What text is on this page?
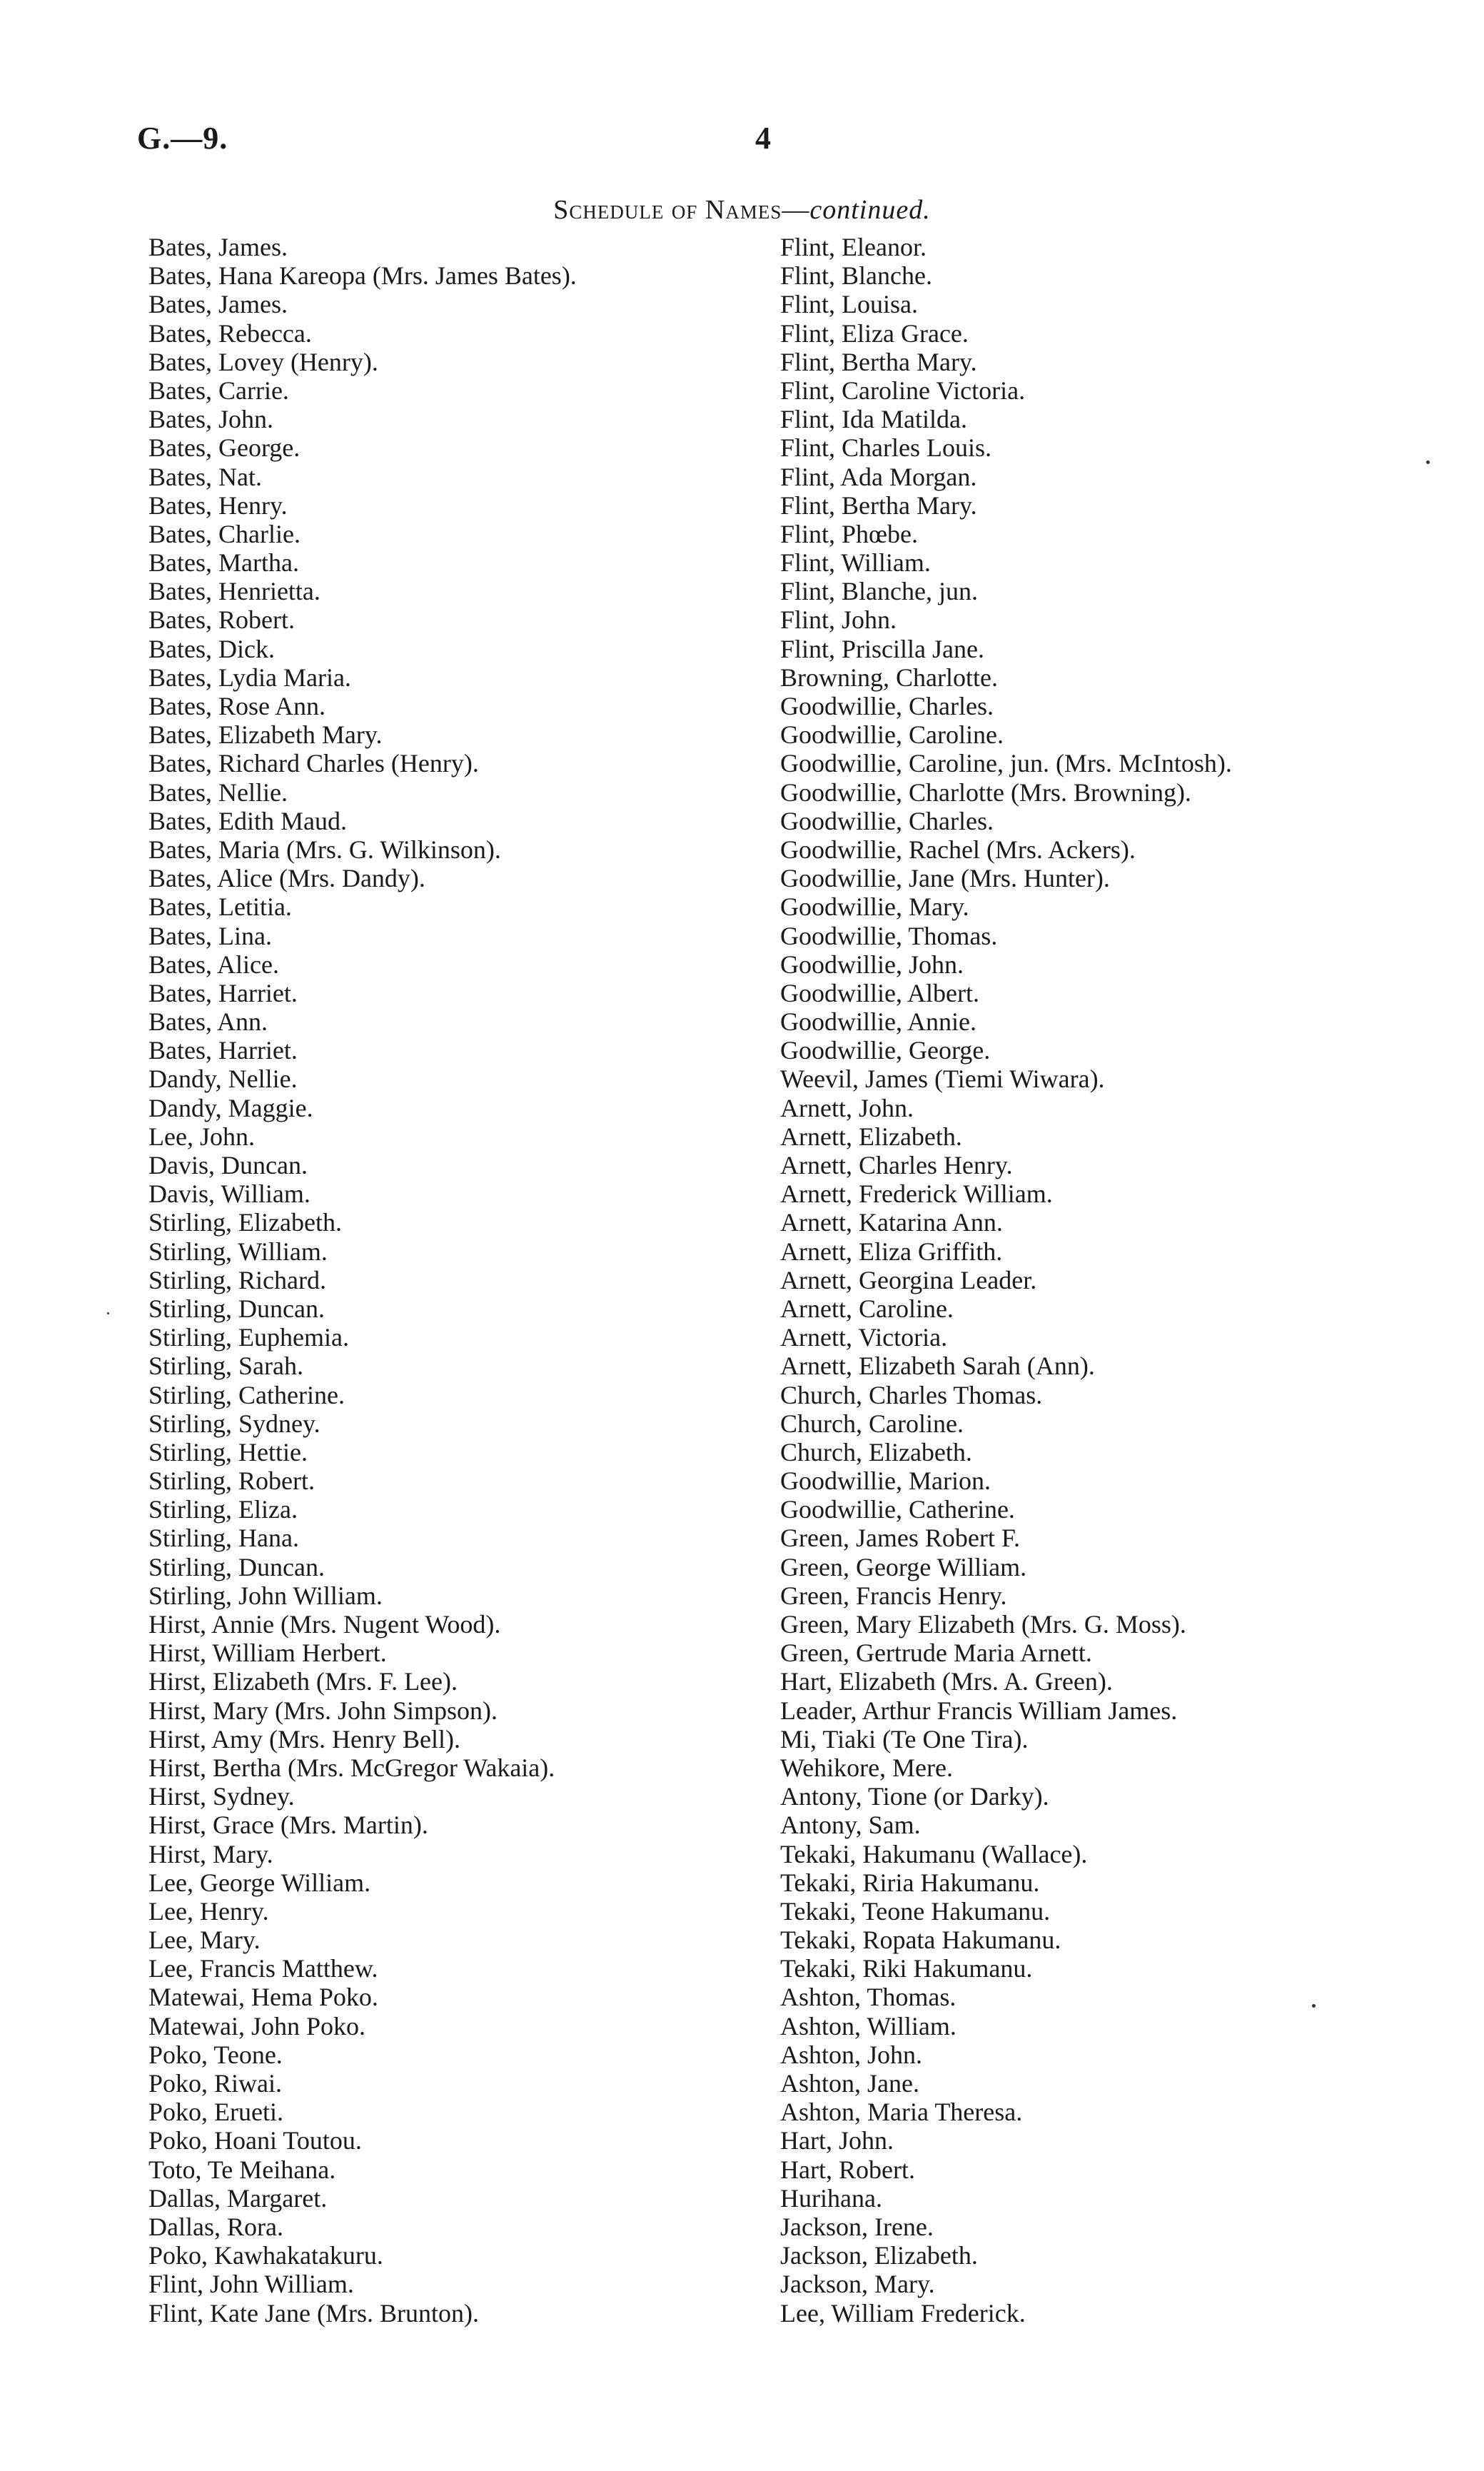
G.—9.	4
Schedule of Names—continued.
Bates, James.
Bates, Hana Kareopa (Mrs. James Bates).
Bates, James.
Bates, Rebecca.
Bates, Lovey (Henry).
Bates, Carrie.
Bates, John.
Bates, George.
Bates, Nat.
Bates, Henry.
Bates, Charlie.
Bates, Martha.
Bates, Henrietta.
Bates, Robert.
Bates, Dick.
Bates, Lydia Maria.
Bates, Rose Ann.
Bates, Elizabeth Mary.
Bates, Richard Charles (Henry).
Bates, Nellie.
Bates, Edith Maud.
Bates, Maria (Mrs. G. Wilkinson).
Bates, Alice (Mrs. Dandy).
Bates, Letitia.
Bates, Lina.
Bates, Alice.
Bates, Harriet.
Bates, Ann.
Bates, Harriet.
Dandy, Nellie.
Dandy, Maggie.
Lee, John.
Davis, Duncan.
Davis, William.
Stirling, Elizabeth.
Stirling, William.
Stirling, Richard.
Stirling, Duncan.
Stirling, Euphemia.
Stirling, Sarah.
Stirling, Catherine.
Stirling, Sydney.
Stirling, Hettie.
Stirling, Robert.
Stirling, Eliza.
Stirling, Hana.
Stirling, Duncan.
Stirling, John William.
Hirst, Annie (Mrs. Nugent Wood).
Hirst, William Herbert.
Hirst, Elizabeth (Mrs. F. Lee).
Hirst, Mary (Mrs. John Simpson).
Hirst, Amy (Mrs. Henry Bell).
Hirst, Bertha (Mrs. McGregor Wakaia).
Hirst, Sydney.
Hirst, Grace (Mrs. Martin).
Hirst, Mary.
Lee, George William.
Lee, Henry.
Lee, Mary.
Lee, Francis Matthew.
Matewai, Hema Poko.
Matewai, John Poko.
Poko, Teone.
Poko, Riwai.
Poko, Erueti.
Poko, Hoani Toutou.
Toto, Te Meihana.
Dallas, Margaret.
Dallas, Rora.
Poko, Kawhakatakuru.
Flint, John William.
Flint, Kate Jane (Mrs. Brunton).
Flint, Eleanor.
Flint, Blanche.
Flint, Louisa.
Flint, Eliza Grace.
Flint, Bertha Mary.
Flint, Caroline Victoria.
Flint, Ida Matilda.
Flint, Charles Louis.
Flint, Ada Morgan.
Flint, Bertha Mary.
Flint, Phœbe.
Flint, William.
Flint, Blanche, jun.
Flint, John.
Flint, Priscilla Jane.
Browning, Charlotte.
Goodwillie, Charles.
Goodwillie, Caroline.
Goodwillie, Caroline, jun. (Mrs. McIntosh).
Goodwillie, Charlotte (Mrs. Browning).
Goodwillie, Charles.
Goodwillie, Rachel (Mrs. Ackers).
Goodwillie, Jane (Mrs. Hunter).
Goodwillie, Mary.
Goodwillie, Thomas.
Goodwillie, John.
Goodwillie, Albert.
Goodwillie, Annie.
Goodwillie, George.
Weevil, James (Tiemi Wiwara).
Arnett, John.
Arnett, Elizabeth.
Arnett, Charles Henry.
Arnett, Frederick William.
Arnett, Katarina Ann.
Arnett, Eliza Griffith.
Arnett, Georgina Leader.
Arnett, Caroline.
Arnett, Victoria.
Arnett, Elizabeth Sarah (Ann).
Church, Charles Thomas.
Church, Caroline.
Church, Elizabeth.
Goodwillie, Marion.
Goodwillie, Catherine.
Green, James Robert F.
Green, George William.
Green, Francis Henry.
Green, Mary Elizabeth (Mrs. G. Moss).
Green, Gertrude Maria Arnett.
Hart, Elizabeth (Mrs. A. Green).
Leader, Arthur Francis William James.
Mi, Tiaki (Te One Tira).
Wehikore, Mere.
Antony, Tione (or Darky).
Antony, Sam.
Tekaki, Hakumanu (Wallace).
Tekaki, Riria Hakumanu.
Tekaki, Teone Hakumanu.
Tekaki, Ropata Hakumanu.
Tekaki, Riki Hakumanu.
Ashton, Thomas.
Ashton, William.
Ashton, John.
Ashton, Jane.
Ashton, Maria Theresa.
Hart, John.
Hart, Robert.
Hurihana.
Jackson, Irene.
Jackson, Elizabeth.
Jackson, Mary.
Lee, William Frederick.
